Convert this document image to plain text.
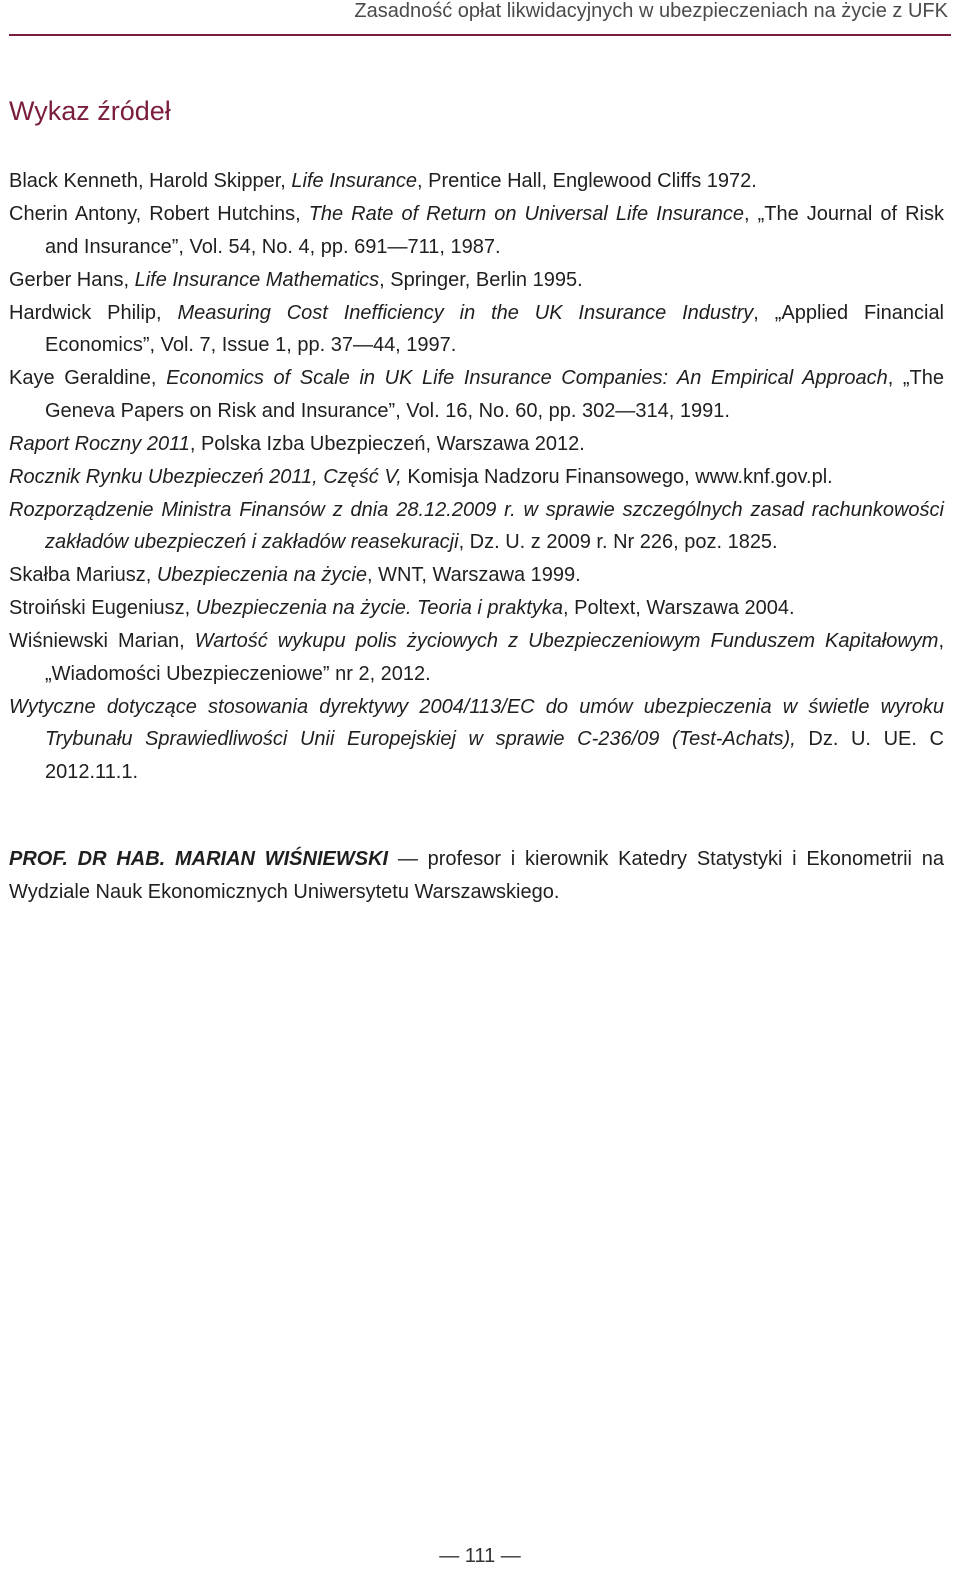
Zasadność opłat likwidacyjnych w ubezpieczeniach na życie z UFK
Wykaz źródeł

Black Kenneth, Harold Skipper, Life Insurance, Prentice Hall, Englewood Cliffs 1972.

Cherin Antony, Robert Hutchins, The Rate of Return on Universal Life Insurance, „The Journal of Risk and Insurance”, Vol. 54, No. 4, pp. 691—711, 1987.

Gerber Hans, Life Insurance Mathematics, Springer, Berlin 1995.

Hardwick Philip, Measuring Cost Inefficiency in the UK Insurance Industry, „Applied Financial Economics”, Vol. 7, Issue 1, pp. 37—44, 1997.

Kaye Geraldine, Economics of Scale in UK Life Insurance Companies: An Empirical Approach, „The Geneva Papers on Risk and Insurance”, Vol. 16, No. 60, pp. 302—314, 1991.

Raport Roczny 2011, Polska Izba Ubezpieczeń, Warszawa 2012.

Rocznik Rynku Ubezpieczeń 2011, Część V, Komisja Nadzoru Finansowego, www.knf.gov.pl.

Rozporządzenie Ministra Finansów z dnia 28.12.2009 r. w sprawie szczególnych zasad rachunkowości zakładów ubezpieczeń i zakładów reasekuracji, Dz. U. z 2009 r. Nr 226, poz. 1825.

Skałba Mariusz, Ubezpieczenia na życie, WNT, Warszawa 1999.

Stroiński Eugeniusz, Ubezpieczenia na życie. Teoria i praktyka, Poltext, Warszawa 2004.

Wiśniewski Marian, Wartość wykupu polis życiowych z Ubezpieczeniowym Funduszem Kapitałowym, „Wiadomości Ubezpieczeniowe” nr 2, 2012.

Wytyczne dotyczące stosowania dyrektywy 2004/113/EC do umów ubezpieczenia w świetle wyroku Trybunału Sprawiedliwości Unii Europejskiej w sprawie C-236/09 (Test-Achats), Dz. U. UE. C 2012.11.1.

PROF. DR HAB. MARIAN WIŚNIEWSKI — profesor i kierownik Katedry Statystyki i Ekonometrii na Wydziale Nauk Ekonomicznych Uniwersytetu Warszawskiego.

— 111 —
